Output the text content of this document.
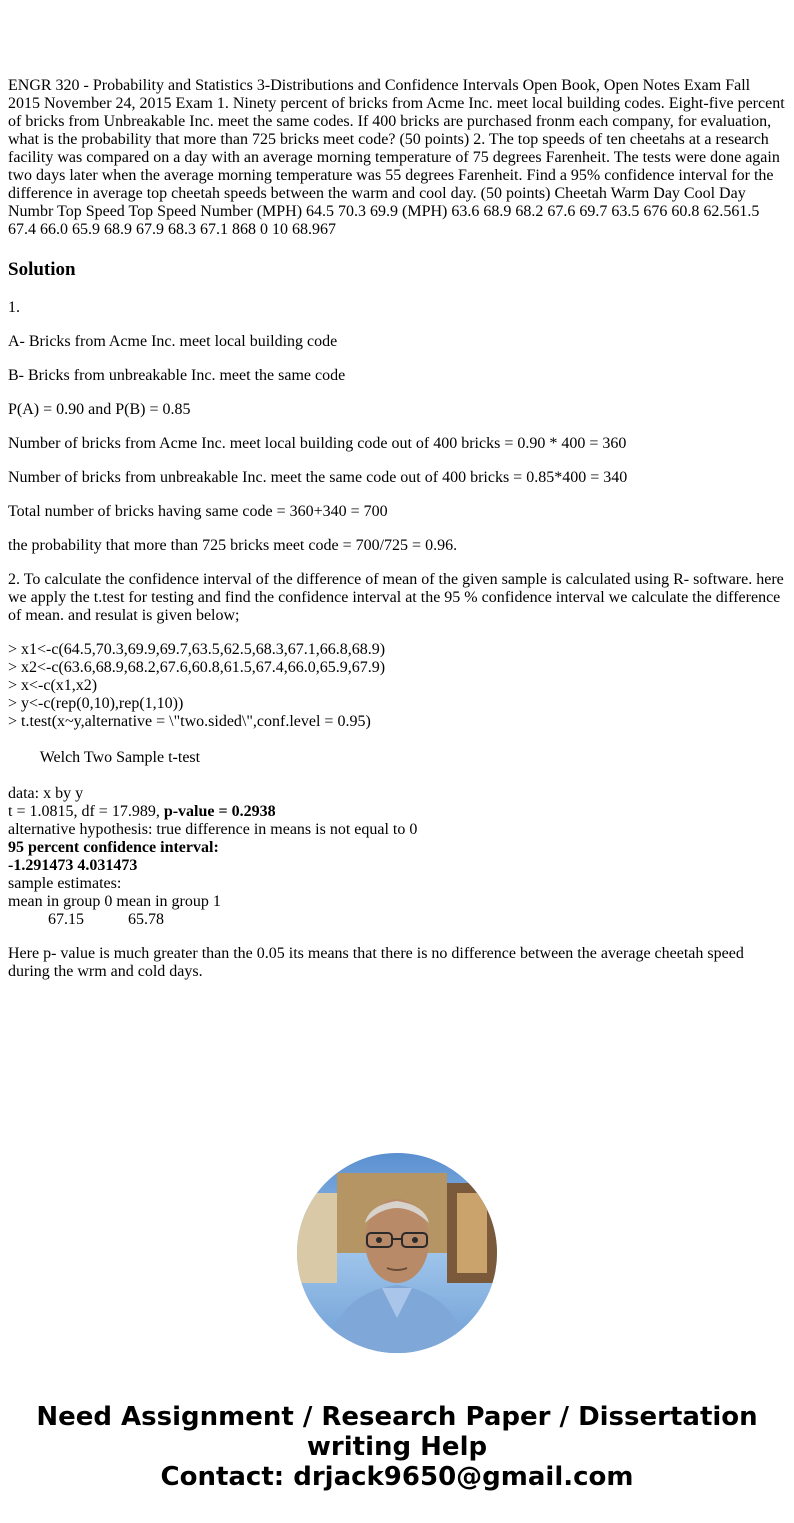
ENGR 320 - Probability and Statistics 3-Distributions and Confidence Intervals Open Book, Open Notes Exam Fall 2015 November 24, 2015 Exam 1. Ninety percent of bricks from Acme Inc. meet local building codes. Eight-five percent of bricks from Unbreakable Inc. meet the same codes. If 400 bricks are purchased fronm each company, for evaluation, what is the probability that more than 725 bricks meet code? (50 points) 2. The top speeds of ten cheetahs at a research facility was compared on a day with an average morning temperature of 75 degrees Farenheit. The tests were done again two days later when the average morning temperature was 55 degrees Farenheit. Find a 95% confidence interval for the difference in average top cheetah speeds between the warm and cool day. (50 points) Cheetah Warm Day Cool Day Numbr Top Speed Top Speed Number (MPH) 64.5 70.3 69.9 (MPH) 63.6 68.9 68.2 67.6 69.7 63.5 676 60.8 62.561.5 67.4 66.0 65.9 68.9 67.9 68.3 67.1 868 0 10 68.967

Solution

1.

A- Bricks from Acme Inc. meet local building code

B- Bricks from unbreakable Inc. meet the same code

P(A) = 0.90 and P(B) = 0.85

Number of bricks from Acme Inc. meet local building code out of 400 bricks = 0.90 * 400 = 360

Number of bricks from unbreakable Inc. meet the same code out of 400 bricks = 0.85*400 = 340

Total number of bricks having same code = 360+340 = 700

the probability that more than 725 bricks meet code = 700/725 = 0.96.

2. To calculate the confidence interval of the difference of mean of the given sample is calculated using R- software. here we apply the t.test for testing and find the confidence interval at the 95 % confidence interval we calculate the difference of mean. and resulat is given below;

> x1<-c(64.5,70.3,69.9,69.7,63.5,62.5,68.3,67.1,66.8,68.9)
> x2<-c(63.6,68.9,68.2,67.6,60.8,61.5,67.4,66.0,65.9,67.9)
> x<-c(x1,x2)
> y<-c(rep(0,10),rep(1,10))
> t.test(x~y,alternative = \"two.sided\",conf.level = 0.95)

Welch Two Sample t-test

data: x by y
t = 1.0815, df = 17.989, p-value = 0.2938
alternative hypothesis: true difference in means is not equal to 0
95 percent confidence interval:
-1.291473 4.031473
sample estimates:
mean in group 0 mean in group 1
67.15           65.78

Here p- value is much greater than the 0.05 its means that there is no difference between the average cheetah speed during the wrm and cold days.

Need Assignment / Research Paper / Dissertation
writing Help
Contact: drjack9650@gmail.com
